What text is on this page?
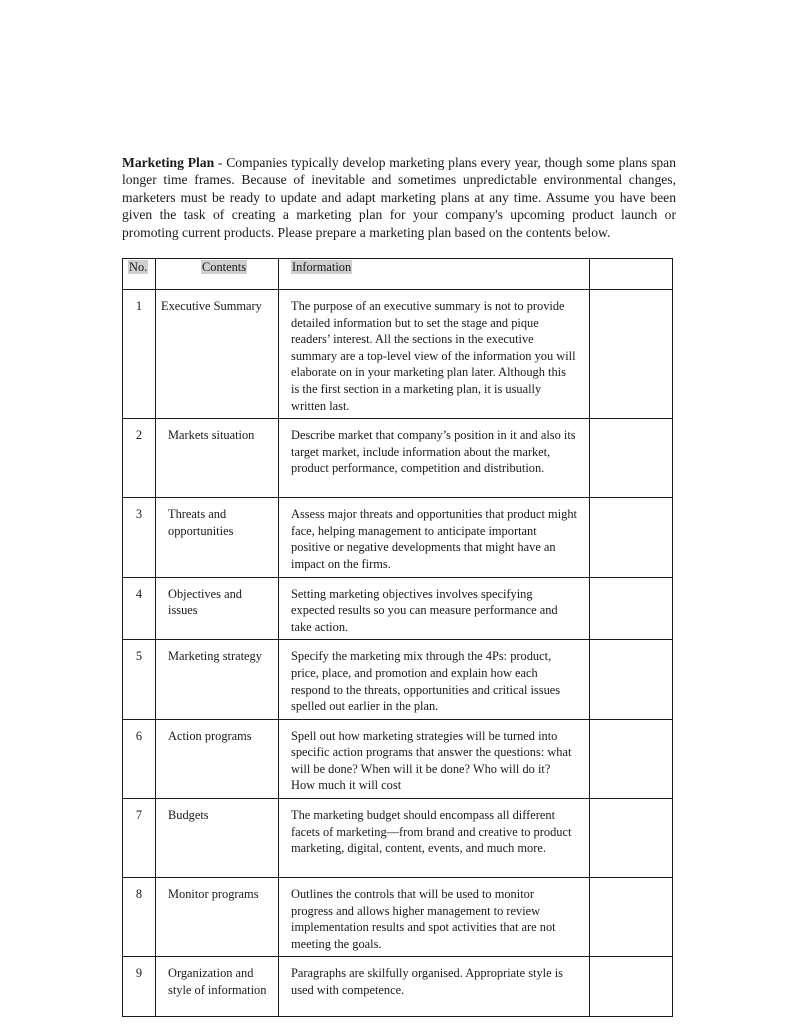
Marketing Plan - Companies typically develop marketing plans every year, though some plans span longer time frames. Because of inevitable and sometimes unpredictable environmental changes, marketers must be ready to update and adapt marketing plans at any time. Assume you have been given the task of creating a marketing plan for your company's upcoming product launch or promoting current products. Please prepare a marketing plan based on the contents below.
No.	Contents	Information	
1	Executive Summary	The purpose of an executive summary is not to provide detailed information but to set the stage and pique readers’ interest. All the sections in the executive summary are a top-level view of the information you will elaborate on in your marketing plan later. Although this is the first section in a marketing plan, it is usually written last.	
2	Markets situation	Describe market that company’s position in it and also its target market, include information about the market, product performance, competition and distribution.	
3	Threats and opportunities	Assess major threats and opportunities that product might face, helping management to anticipate important positive or negative developments that might have an impact on the firms.	
4	Objectives and issues	Setting marketing objectives involves specifying expected results so you can measure performance and take action.	
5	Marketing strategy	Specify the marketing mix through the 4Ps: product, price, place, and promotion and explain how each respond to the threats, opportunities and critical issues spelled out earlier in the plan.	
6	Action programs	Spell out how marketing strategies will be turned into specific action programs that answer the questions: what will be done? When will it be done? Who will do it? How much it will cost	
7	Budgets	The marketing budget should encompass all different facets of marketing—from brand and creative to product marketing, digital, content, events, and much more.	
8	Monitor programs	Outlines the controls that will be used to monitor progress and allows higher management to review implementation results and spot activities that are not meeting the goals.	
9	Organization and style of information	Paragraphs are skilfully organised. Appropriate style is used with competence.	
